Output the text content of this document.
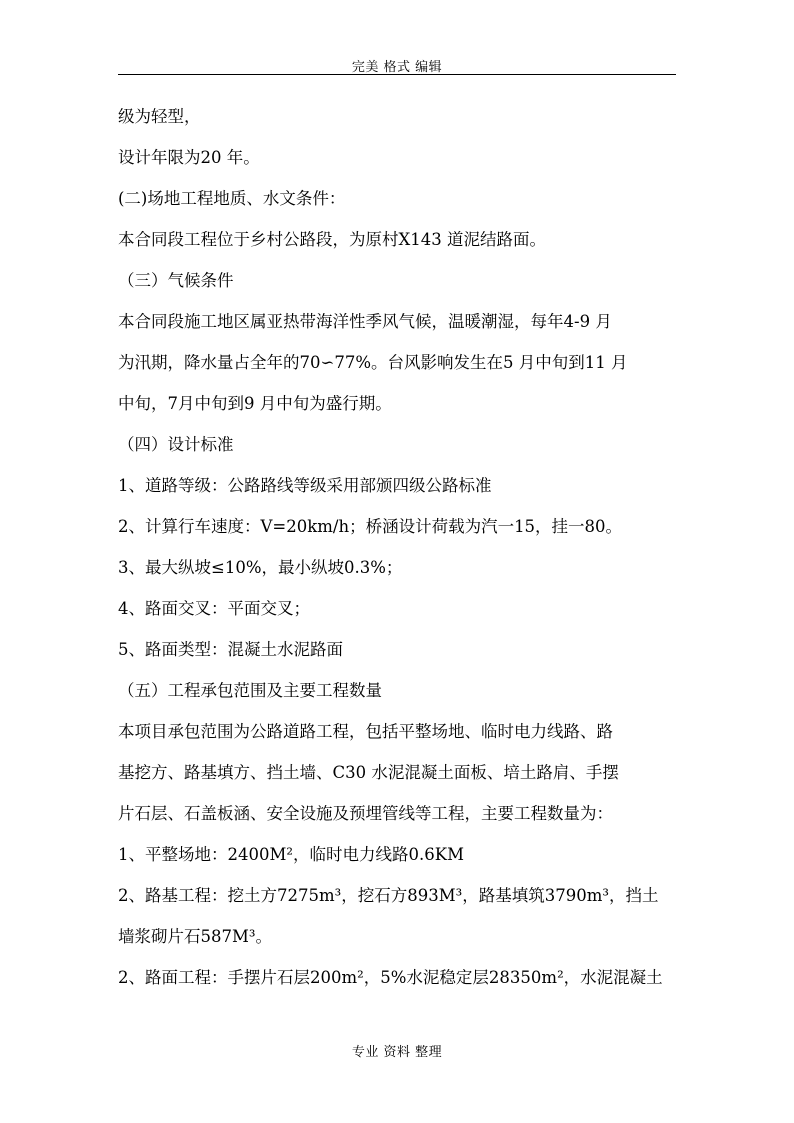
完美 格式 编辑
级为轻型，
设计年限为20 年。
(二)场地工程地质、水文条件：
本合同段工程位于乡村公路段，为原村X143 道泥结路面。
（三）气候条件
本合同段施工地区属亚热带海洋性季风气候，温暖潮湿，每年4-9 月
为汛期，降水量占全年的70∽77%。台风影响发生在5 月中旬到11 月
中旬，7月中旬到9 月中旬为盛行期。
（四）设计标准
1、道路等级：公路路线等级采用部颁四级公路标准
2、计算行车速度：V=20km/h；桥涵设计荷载为汽一15，挂一80。
3、最大纵坡≤10%，最小纵坡0.3%；
4、路面交叉：平面交叉；
5、路面类型：混凝土水泥路面
（五）工程承包范围及主要工程数量
本项目承包范围为公路道路工程，包括平整场地、临时电力线路、路
基挖方、路基填方、挡土墙、C30 水泥混凝土面板、培土路肩、手摆
片石层、石盖板涵、安全设施及预埋管线等工程，主要工程数量为：
1、平整场地：2400M²，临时电力线路0.6KM
2、路基工程：挖土方7275m³，挖石方893M³，路基填筑3790m³，挡土
墙浆砌片石587M³。
2、路面工程：手摆片石层200m²，5%水泥稳定层28350m²，水泥混凝土
专业 资料 整理
